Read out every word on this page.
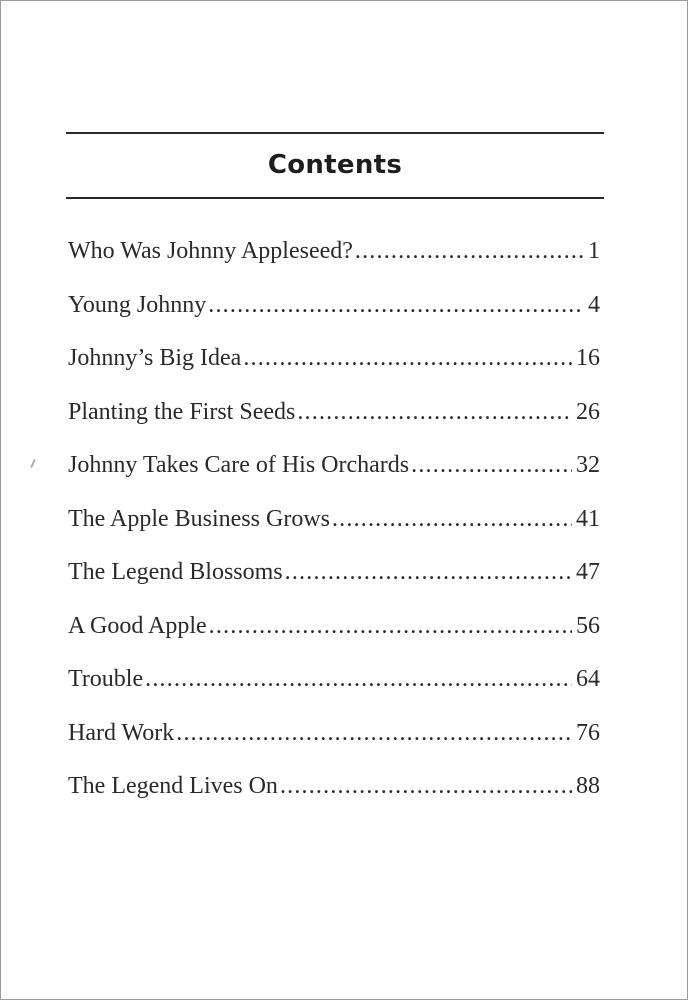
Contents
Who Was Johnny Appleseed? .....	1
Young Johnny .....	4
Johnny’s Big Idea .....	16
Planting the First Seeds .....	26
Johnny Takes Care of His Orchards .....	32
The Apple Business Grows .....	41
The Legend Blossoms .....	47
A Good Apple .....	56
Trouble .....	64
Hard Work .....	76
The Legend Lives On .....	88
